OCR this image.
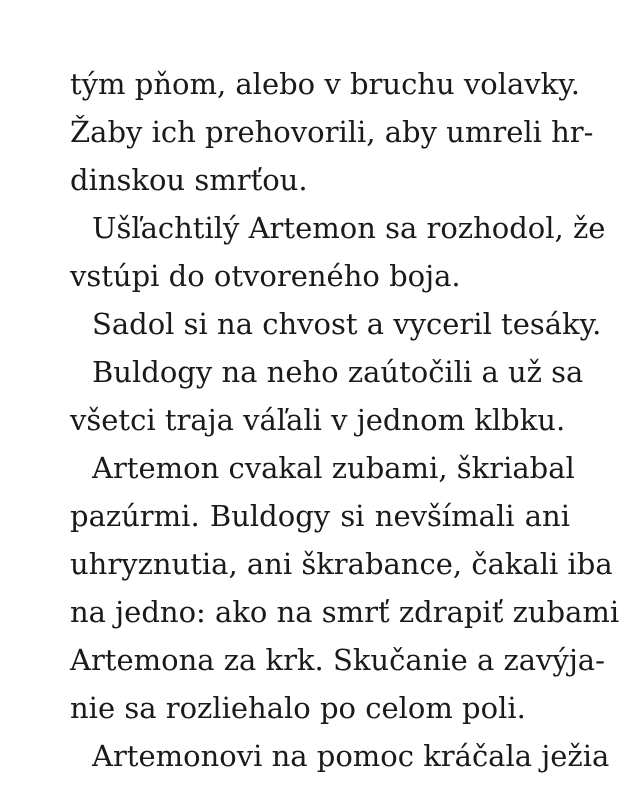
tým pňom, alebo v bruchu volavky.
Žaby ich prehovorili, aby umreli hr-
dinskou smrťou.
Ušľachtilý Artemon sa rozhodol, že
vstúpi do otvoreného boja.
Sadol si na chvost a vyceril tesáky.
Buldogy na neho zaútočili a už sa
všetci traja váľali v jednom klbku.
Artemon cvakal zubami, škriabal
pazúrmi. Buldogy si nevšímali ani
uhryznutia, ani škrabance, čakali iba
na jedno: ako na smrť zdrapiť zubami
Artemona za krk. Skučanie a zavýja-
nie sa rozliehalo po celom poli.
Artemonovi na pomoc kráčala ježia
